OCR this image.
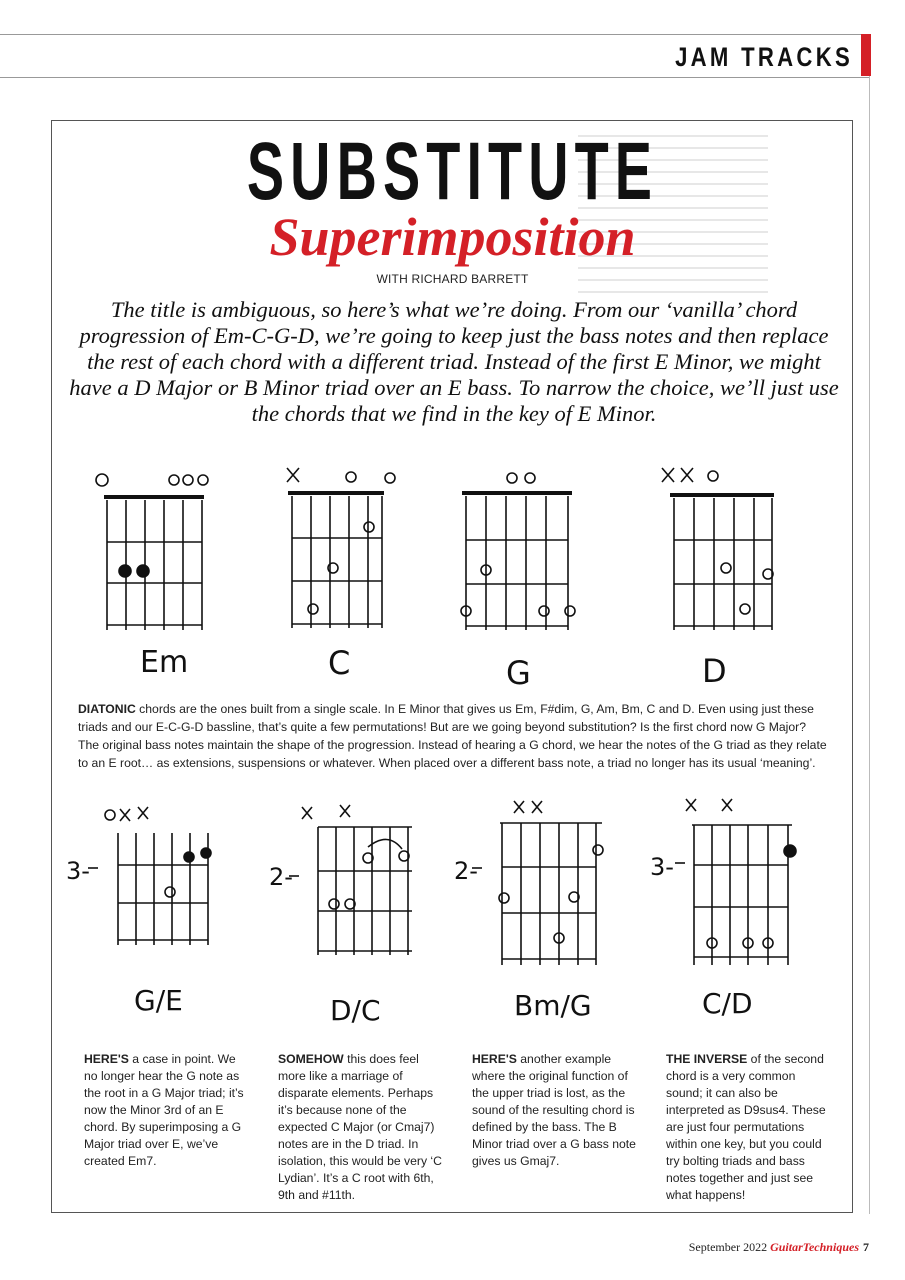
JAM TRACKS
SUBSTITUTE
Superimposition
WITH RICHARD BARRETT
The title is ambiguous, so here’s what we’re doing. From our ‘vanilla’ chord progression of Em-C-G-D, we’re going to keep just the bass notes and then replace the rest of each chord with a different triad. Instead of the first E Minor, we might have a D Major or B Minor triad over an E bass. To narrow the choice, we’ll just use the chords that we find in the key of E Minor.
Em	C	G	D
DIATONIC chords are the ones built from a single scale. In E Minor that gives us Em, F#dim, G, Am, Bm, C and D. Even using just these triads and our E-C-G-D bassline, that’s quite a few permutations! But are we going beyond substitution? Is the first chord now G Major? The original bass notes maintain the shape of the progression. Instead of hearing a G chord, we hear the notes of the G triad as they relate to an E root… as extensions, suspensions or whatever. When placed over a different bass note, a triad no longer has its usual ‘meaning’.
3-
G/E
2-
D/C
2-
Bm/G
3-
C/D
HERE'S a case in point. We no longer hear the G note as the root in a G Major triad; it’s now the Minor 3rd of an E chord. By superimposing a G Major triad over E, we’ve created Em7.
SOMEHOW this does feel more like a marriage of disparate elements. Perhaps it’s because none of the expected C Major (or Cmaj7) notes are in the D triad. In isolation, this would be very ‘C Lydian’. It’s a C root with 6th, 9th and #11th.
HERE'S another example where the original function of the upper triad is lost, as the sound of the resulting chord is defined by the bass. The B Minor triad over a G bass note gives us Gmaj7.
THE INVERSE of the second chord is a very common sound; it can also be interpreted as D9sus4. These are just four permutations within one key, but you could try bolting triads and bass notes together and just see what happens!
September 2022 GuitarTechniques 7
